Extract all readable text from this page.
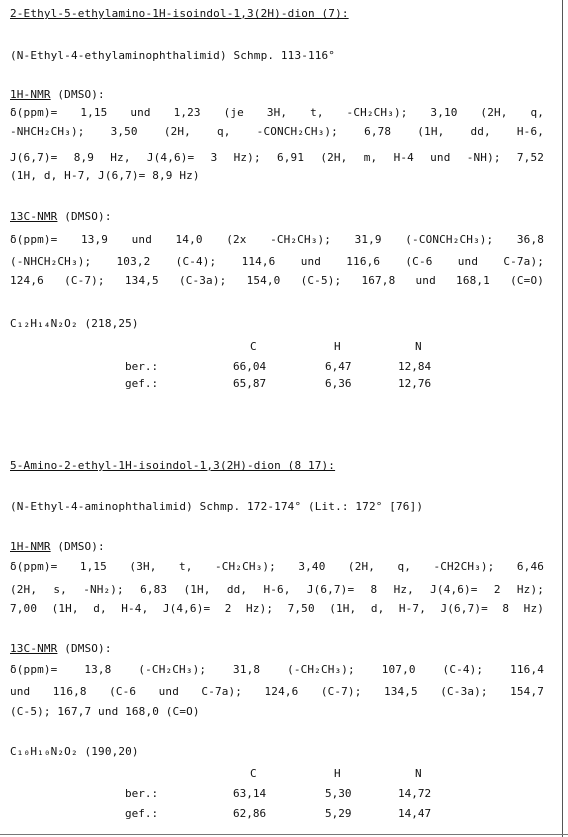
2-Ethyl-5-ethylamino-1H-isoindol-1,3(2H)-dion (7):
(N-Ethyl-4-ethylaminophthalimid) Schmp. 113-116°
1H-NMR (DMSO):
δ(ppm)= 1,15 und 1,23 (je 3H, t, -CH₂CH₃); 3,10 (2H, q,
-NHCH₂CH₃); 3,50 (2H, q, -CONCH₂CH₃); 6,78 (1H, dd, H-6,
J(6,7)= 8,9 Hz, J(4,6)= 3 Hz); 6,91 (2H, m, H-4 und -NH); 7,52
(1H, d, H-7, J(6,7)= 8,9 Hz)
13C-NMR (DMSO):
δ(ppm)= 13,9 und 14,0 (2x -CH₂CH₃); 31,9 (-CONCH₂CH₃); 36,8
(-NHCH₂CH₃); 103,2 (C-4); 114,6 und 116,6 (C-6 und C-7a);
124,6 (C-7); 134,5 (C-3a); 154,0 (C-5); 167,8 und 168,1 (C=O)
C₁₂H₁₄N₂O₂ (218,25)
C	H	N
ber.:	66,04	6,47	12,84
gef.:	65,87	6,36	12,76
5-Amino-2-ethyl-1H-isoindol-1,3(2H)-dion (8 17):
(N-Ethyl-4-aminophthalimid) Schmp. 172-174° (Lit.: 172° [76])
1H-NMR (DMSO):
δ(ppm)= 1,15 (3H, t, -CH₂CH₃); 3,40 (2H, q, -CH2CH₃); 6,46
(2H, s, -NH₂); 6,83 (1H, dd, H-6, J(6,7)= 8 Hz, J(4,6)= 2 Hz);
7,00 (1H, d, H-4, J(4,6)= 2 Hz); 7,50 (1H, d, H-7, J(6,7)= 8 Hz)
13C-NMR (DMSO):
δ(ppm)= 13,8 (-CH₂CH₃); 31,8 (-CH₂CH₃); 107,0 (C-4); 116,4
und 116,8 (C-6 und C-7a); 124,6 (C-7); 134,5 (C-3a); 154,7
(C-5); 167,7 und 168,0 (C=O)
C₁₀H₁₀N₂O₂ (190,20)
C	H	N
ber.:	63,14	5,30	14,72
gef.:	62,86	5,29	14,47
